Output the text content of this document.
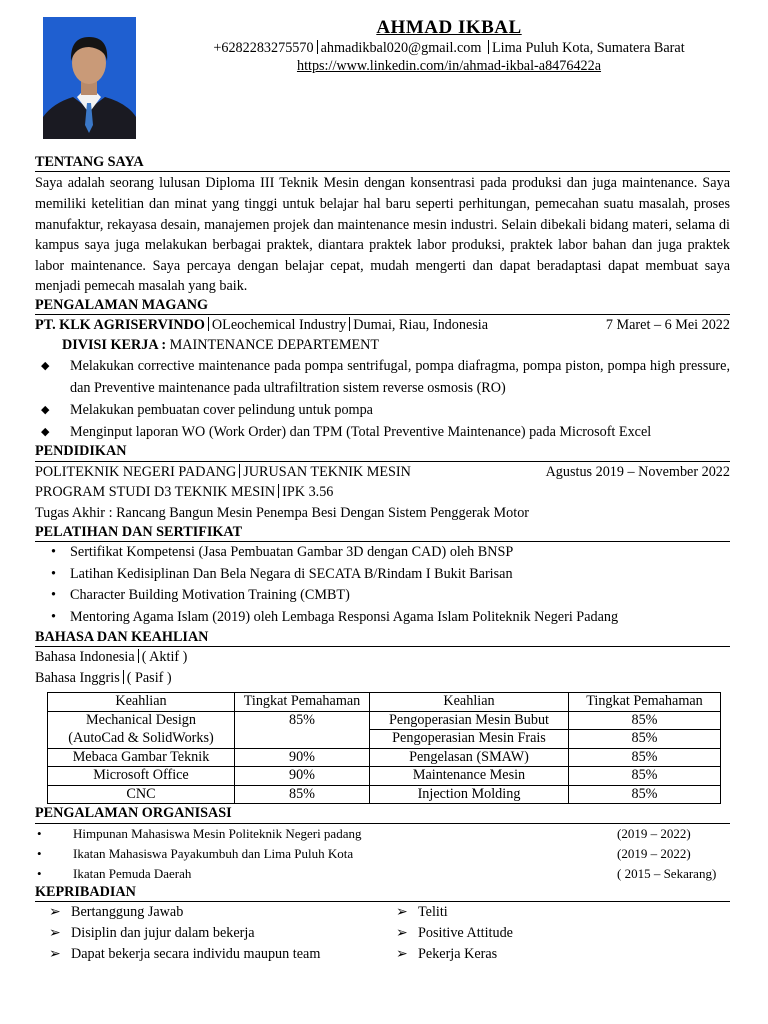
AHMAD IKBAL
+6282283275570 ahmadikbal020@gmail.com Lima Puluh Kota, Sumatera Barat
https://www.linkedin.com/in/ahmad-ikbal-a8476422a
TENTANG SAYA

Saya adalah seorang lulusan Diploma III Teknik Mesin dengan konsentrasi pada produksi dan juga maintenance. Saya memiliki ketelitian dan minat yang tinggi untuk belajar hal baru seperti perhitungan, pemecahan suatu masalah, proses manufaktur, rekayasa desain, manajemen projek dan maintenance mesin industri. Selain dibekali bidang materi, selama di kampus saya juga melakukan berbagai praktek, diantara praktek labor produksi, praktek labor bahan dan juga praktek labor maintenance. Saya percaya dengan belajar cepat, mudah mengerti dan dapat beradaptasi dapat membuat saya menjadi pemecah masalah yang baik.

PENGALAMAN MAGANG
PT. KLK AGRISERVINDO OLeochemical Industry Dumai, Riau, Indonesia	7 Maret – 6 Mei 2022
DIVISI KERJA : MAINTENANCE DEPARTEMENT
◆ Melakukan corrective maintenance pada pompa sentrifugal, pompa diafragma, pompa piston, pompa high pressure, dan Preventive maintenance pada ultrafiltration sistem reverse osmosis (RO)
◆ Melakukan pembuatan cover pelindung untuk pompa
◆ Menginput laporan WO (Work Order) dan TPM (Total Preventive Maintenance) pada Microsoft Excel
PENDIDIKAN
POLITEKNIK NEGERI PADANG JURUSAN TEKNIK MESIN	Agustus 2019 – November 2022
PROGRAM STUDI D3 TEKNIK MESIN IPK 3.56
Tugas Akhir : Rancang Bangun Mesin Penempa Besi Dengan Sistem Penggerak Motor
PELATIHAN DAN SERTIFIKAT
• Sertifikat Kompetensi (Jasa Pembuatan Gambar 3D dengan CAD) oleh BNSP
• Latihan Kedisiplinan Dan Bela Negara di SECATA B/Rindam I Bukit Barisan
• Character Building Motivation Training (CMBT)
• Mentoring Agama Islam (2019) oleh Lembaga Responsi Agama Islam Politeknik Negeri Padang
BAHASA DAN KEAHLIAN
Bahasa Indonesia ( Aktif )
Bahasa Inggris ( Pasif )
Keahlian	Tingkat Pemahaman	Keahlian	Tingkat Pemahaman
Mechanical Design	85%	Pengoperasian Mesin Bubut	85%
(AutoCad & SolidWorks)		Pengoperasian Mesin Frais	85%
Mebaca Gambar Teknik	90%	Pengelasan (SMAW)	85%
Microsoft Office	90%	Maintenance Mesin	85%
CNC	85%	Injection Molding	85%
PENGALAMAN ORGANISASI
•	Himpunan Mahasiswa Mesin Politeknik Negeri padang	(2019 – 2022)
•	Ikatan Mahasiswa Payakumbuh dan Lima Puluh Kota	(2019 – 2022)
•	Ikatan Pemuda Daerah	( 2015 – Sekarang)
KEPRIBADIAN
➢ Bertanggung Jawab
➢ Disiplin dan jujur dalam bekerja
➢ Dapat bekerja secara individu maupun team
➢ Teliti
➢ Positive Attitude
➢ Pekerja Keras
